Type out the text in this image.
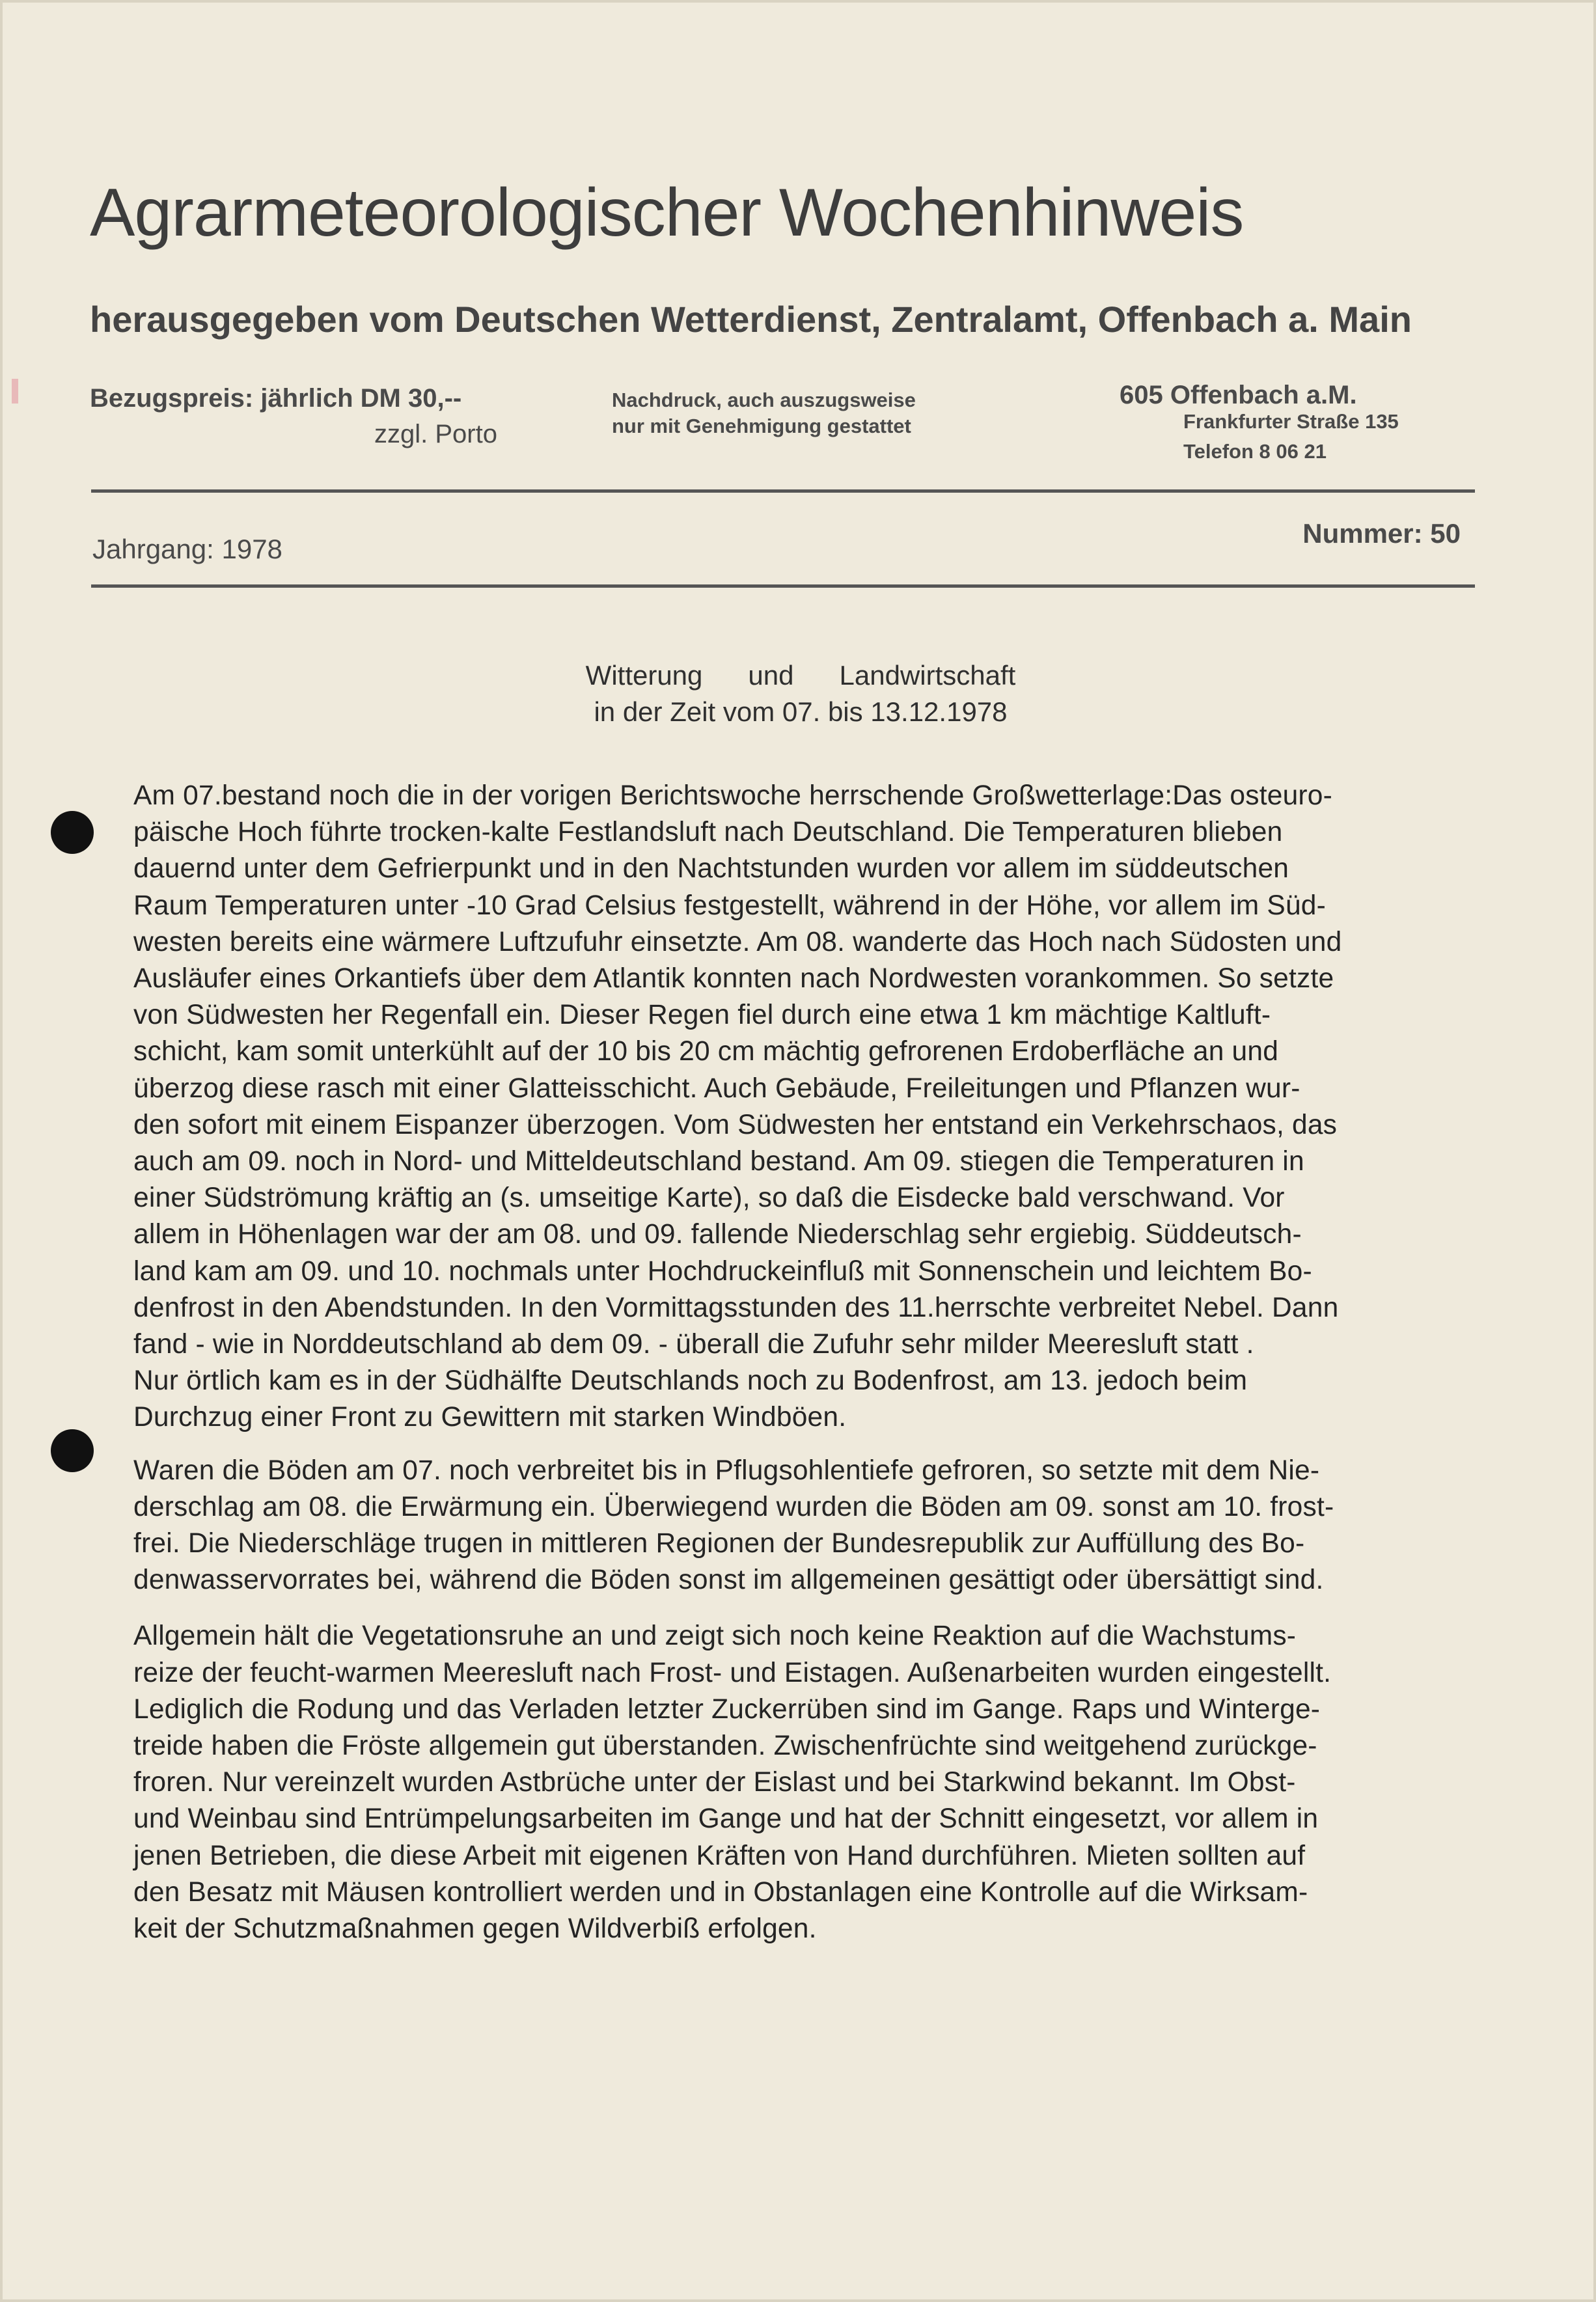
Agrarmeteorologischer Wochenhinweis
herausgegeben vom Deutschen Wetterdienst, Zentralamt, Offenbach a. Main
Bezugspreis: jährlich DM 30,--
zzgl. Porto
Nachdruck, auch auszugsweise
nur mit Genehmigung gestattet
605 Offenbach a.M.
Frankfurter Straße 135
Telefon 8 06 21
Jahrgang: 1978
Nummer: 50
Witterung      und      Landwirtschaft
in der Zeit vom 07. bis 13.12.1978
Am 07.bestand noch die in der vorigen Berichtswoche herrschende Großwetterlage:Das osteuro-
päische Hoch führte trocken-kalte Festlandsluft nach Deutschland. Die Temperaturen blieben
dauernd unter dem Gefrierpunkt und in den Nachtstunden wurden vor allem im süddeutschen
Raum Temperaturen unter -10 Grad Celsius festgestellt, während in der Höhe, vor allem im Süd-
westen bereits eine wärmere Luftzufuhr einsetzte. Am 08. wanderte das Hoch nach Südosten und
Ausläufer eines Orkantiefs über dem Atlantik konnten nach Nordwesten vorankommen. So setzte
von Südwesten her Regenfall ein. Dieser Regen fiel durch eine etwa 1 km mächtige Kaltluft-
schicht, kam somit unterkühlt auf der 10 bis 20 cm mächtig gefrorenen Erdoberfläche an und
überzog diese rasch mit einer Glatteisschicht. Auch Gebäude, Freileitungen und Pflanzen wur-
den sofort mit einem Eispanzer überzogen. Vom Südwesten her entstand ein Verkehrschaos, das
auch am 09. noch in Nord- und Mitteldeutschland bestand. Am 09. stiegen die Temperaturen in
einer Südströmung kräftig an (s. umseitige Karte), so daß die Eisdecke bald verschwand. Vor
allem in Höhenlagen war der am 08. und 09. fallende Niederschlag sehr ergiebig. Süddeutsch-
land kam am 09. und 10. nochmals unter Hochdruckeinfluß mit Sonnenschein und leichtem Bo-
denfrost in den Abendstunden. In den Vormittagsstunden des 11.herrschte verbreitet Nebel. Dann
fand - wie in Norddeutschland ab dem 09. - überall die Zufuhr sehr milder Meeresluft statt .
Nur örtlich kam es in der Südhälfte Deutschlands noch zu Bodenfrost, am 13. jedoch beim
Durchzug einer Front zu Gewittern mit starken Windböen.
Waren die Böden am 07. noch verbreitet bis in Pflugsohlentiefe gefroren, so setzte mit dem Nie-
derschlag am 08. die Erwärmung ein. Überwiegend wurden die Böden am 09. sonst am 10. frost-
frei. Die Niederschläge trugen in mittleren Regionen der Bundesrepublik zur Auffüllung des Bo-
denwasservorrates bei, während die Böden sonst im allgemeinen gesättigt oder übersättigt sind.
Allgemein hält die Vegetationsruhe an und zeigt sich noch keine Reaktion auf die Wachstums-
reize der feucht-warmen Meeresluft nach Frost- und Eistagen. Außenarbeiten wurden eingestellt.
Lediglich die Rodung und das Verladen letzter Zuckerrüben sind im Gange. Raps und Winterge-
treide haben die Fröste allgemein gut überstanden. Zwischenfrüchte sind weitgehend zurückge-
froren. Nur vereinzelt wurden Astbrüche unter der Eislast und bei Starkwind bekannt. Im Obst-
und Weinbau sind Entrümpelungsarbeiten im Gange und hat der Schnitt eingesetzt, vor allem in
jenen Betrieben, die diese Arbeit mit eigenen Kräften von Hand durchführen. Mieten sollten auf
den Besatz mit Mäusen kontrolliert werden und in Obstanlagen eine Kontrolle auf die Wirksam-
keit der Schutzmaßnahmen gegen Wildverbiß erfolgen.
